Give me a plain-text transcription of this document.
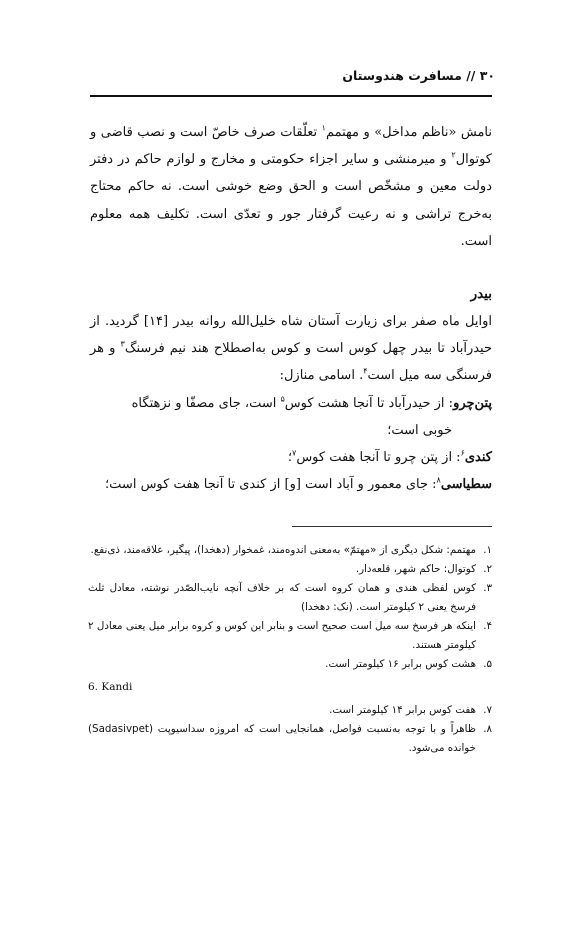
۳۰ // مسافرت هندوستان

نامش «ناظم مداخل» و مهتمم$^۱$ تعلّقات صرف خاصّ است و نصب قاضی و کوتوال$^۲$ و میرمنشی و سایر اجزاء حکومتی و مخارج و لوازم حاکم در دفتر دولت معین و مشخّص است و الحق وضع خوشی است. نه حاکم محتاج به‌خرج تراشی و نه رعیت گرفتار جور و تعدّی است. تکلیف همه معلوم است.

بیدر

اوایل ماه صفر برای زیارت آستان شاه خلیل‌الله روانه بیدر [۱۴] گردید. از حیدرآباد تا بیدر چهل کوس است و کوس به‌اصطلاح هند نیم فرسنگ$^۳$ و هر فرسنگی سه میل است$^۴$. اسامی منازل:

پتن‌چرو: از حیدرآباد تا آنجا هشت کوس$^۵$ است، جای مصفّا و نزهتگاه
خوبی است؛
کندی$^۶$: از پتن چرو تا آنجا هفت کوس$^۷$؛
سطیاسی$^۸$: جای معمور و آباد است [و] از کندی تا آنجا هفت کوس است؛
۱.
مهتمم: شکل دیگری از «مهتمّ» به‌معنی اندوه‌مند، غمخوار (دهخدا)، پیگیر، علاقه‌مند، ذی‌نفع.
۲.
کوتوال: حاکم شهر، قلعه‌دار.
۳.
کوس لفظی هندی و همان کروه است که بر خلاف آنچه نایب‌الصّدر نوشته، معادل ثلث فرسخ یعنی ۲ کیلومتر است. (نک: دهخدا)
۴.
اینکه هر فرسخ سه میل است صحیح است و بنابر این کوس و کروه برابر میل یعنی معادل ۲ کیلومتر هستند.
۵.
هشت کوس برابر ۱۶ کیلومتر است.
6. Kandi
۷.
هفت کوس برابر ۱۴ کیلومتر است.
۸.
ظاهراً و با توجه به‌نسبت فواصل، همانجایی است که امروزه سداسیوپت (Sadasivpet) خوانده می‌شود.
